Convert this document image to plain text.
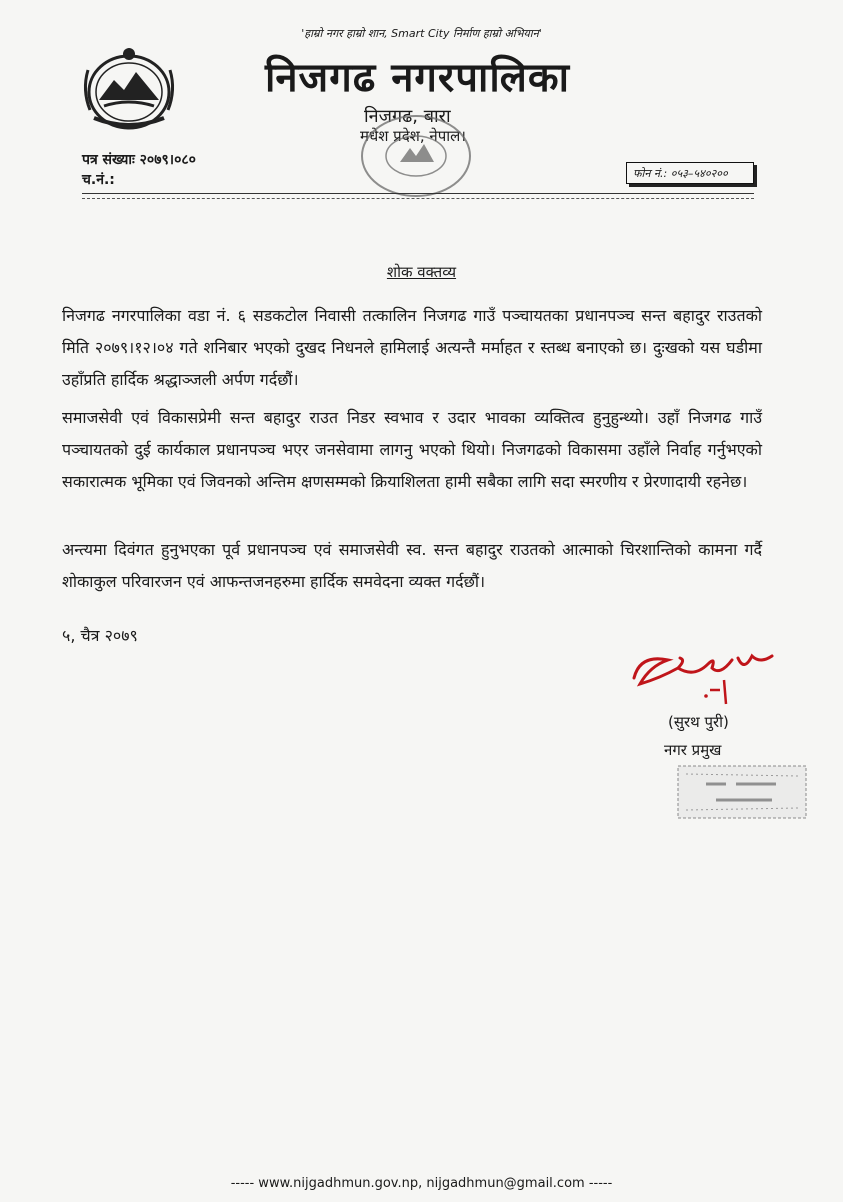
'हाम्रो नगर हाम्रो शान, Smart City निर्माण हाम्रो अभियान'
निजगढ नगरपालिका
निजगढ, बारा
मधेश प्रदेश, नेपाल।
पत्र संख्याः २०७९।०८०
च.नं.:	फोन नं.: ०५३–५४०२००
शोक वक्तव्य
निजगढ नगरपालिका वडा नं. ६ सडकटोल निवासी तत्कालिन निजगढ गाउँ पञ्चायतका प्रधानपञ्च सन्त बहादुर राउतको मिति २०७९।१२।०४ गते शनिबार भएको दुखद निधनले हामिलाई अत्यन्तै मर्माहत र स्तब्ध बनाएको छ। दुःखको यस घडीमा उहाँप्रति हार्दिक श्रद्धाञ्जली अर्पण गर्दछौं।
समाजसेवी एवं विकासप्रेमी सन्त बहादुर राउत निडर स्वभाव र उदार भावका व्यक्तित्व हुनुहुन्थ्यो। उहाँ निजगढ गाउँ पञ्चायतको दुई कार्यकाल प्रधानपञ्च भएर जनसेवामा लागनु भएको थियो। निजगढको विकासमा उहाँले निर्वाह गर्नुभएको सकारात्मक भूमिका एवं जिवनको अन्तिम क्षणसम्मको क्रियाशिलता हामी सबैका लागि सदा स्मरणीय र प्रेरणादायी रहनेछ।
अन्त्यमा दिवंगत हुनुभएका पूर्व प्रधानपञ्च एवं समाजसेवी स्व. सन्त बहादुर राउतको आत्माको चिरशान्तिको कामना गर्दै शोकाकुल परिवारजन एवं आफन्तजनहरुमा हार्दिक समवेदना व्यक्त गर्दछौं।
५, चैत्र २०७९
(सुरथ पुरी)
नगर प्रमुख
----- www.nijgadhmun.gov.np, nijgadhmun@gmail.com -----
